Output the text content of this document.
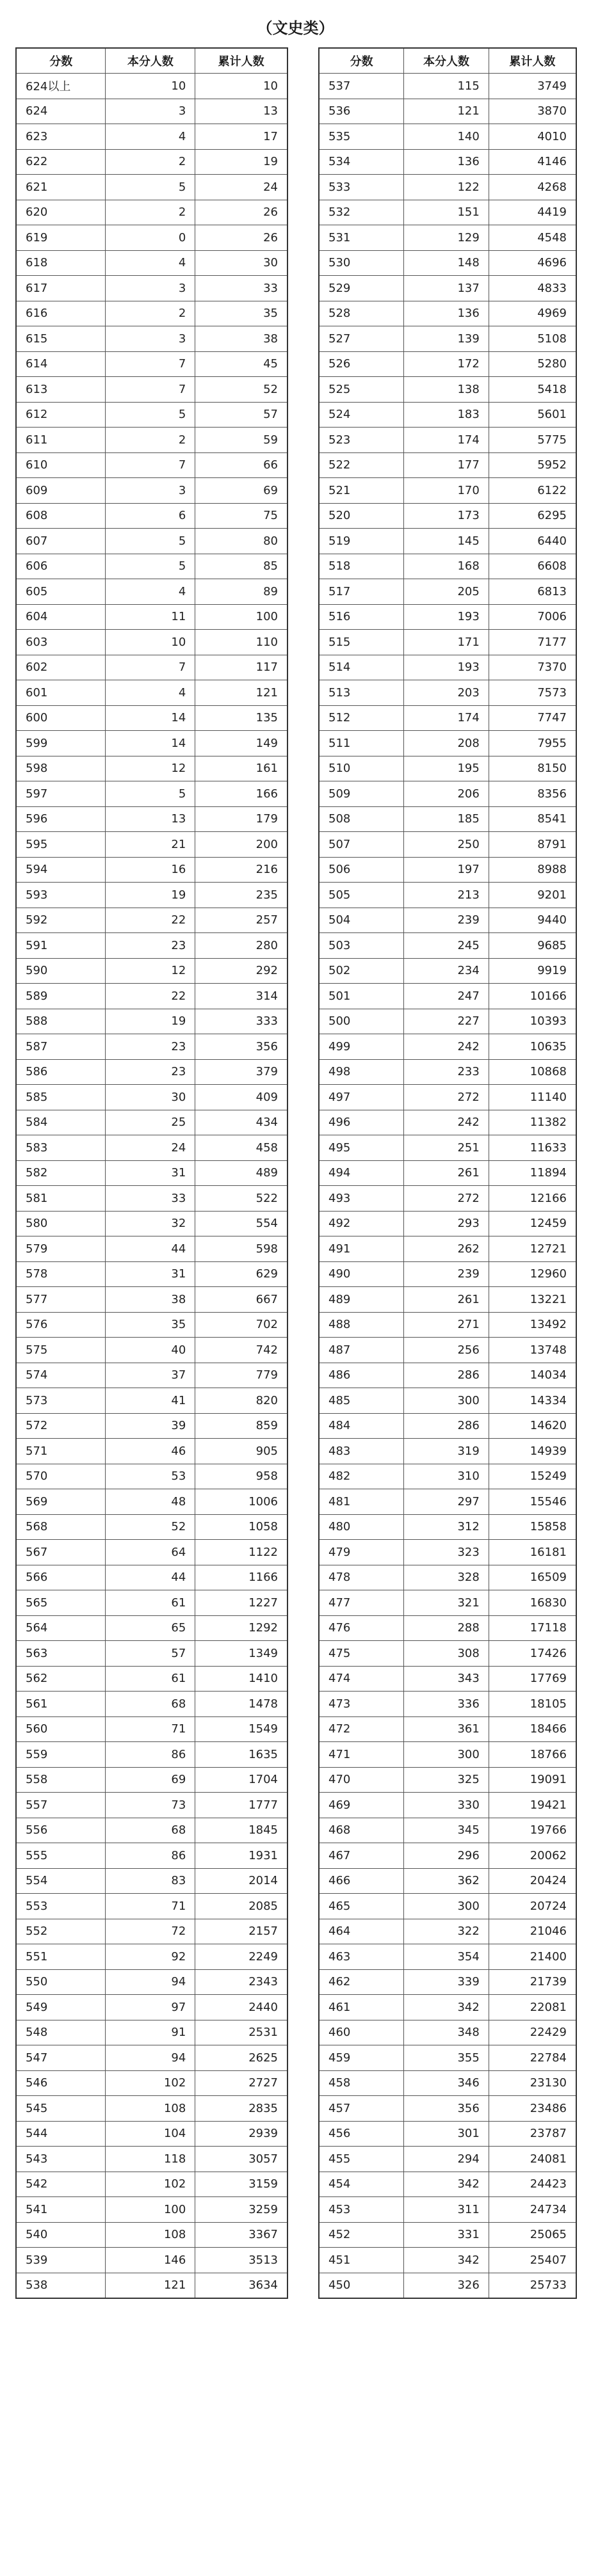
（文史类）
分数	本分人数	累计人数
624以上	10	10
624	3	13
623	4	17
622	2	19
621	5	24
620	2	26
619	0	26
618	4	30
617	3	33
616	2	35
615	3	38
614	7	45
613	7	52
612	5	57
611	2	59
610	7	66
609	3	69
608	6	75
607	5	80
606	5	85
605	4	89
604	11	100
603	10	110
602	7	117
601	4	121
600	14	135
599	14	149
598	12	161
597	5	166
596	13	179
595	21	200
594	16	216
593	19	235
592	22	257
591	23	280
590	12	292
589	22	314
588	19	333
587	23	356
586	23	379
585	30	409
584	25	434
583	24	458
582	31	489
581	33	522
580	32	554
579	44	598
578	31	629
577	38	667
576	35	702
575	40	742
574	37	779
573	41	820
572	39	859
571	46	905
570	53	958
569	48	1006
568	52	1058
567	64	1122
566	44	1166
565	61	1227
564	65	1292
563	57	1349
562	61	1410
561	68	1478
560	71	1549
559	86	1635
558	69	1704
557	73	1777
556	68	1845
555	86	1931
554	83	2014
553	71	2085
552	72	2157
551	92	2249
550	94	2343
549	97	2440
548	91	2531
547	94	2625
546	102	2727
545	108	2835
544	104	2939
543	118	3057
542	102	3159
541	100	3259
540	108	3367
539	146	3513
538	121	3634
分数	本分人数	累计人数
537	115	3749
536	121	3870
535	140	4010
534	136	4146
533	122	4268
532	151	4419
531	129	4548
530	148	4696
529	137	4833
528	136	4969
527	139	5108
526	172	5280
525	138	5418
524	183	5601
523	174	5775
522	177	5952
521	170	6122
520	173	6295
519	145	6440
518	168	6608
517	205	6813
516	193	7006
515	171	7177
514	193	7370
513	203	7573
512	174	7747
511	208	7955
510	195	8150
509	206	8356
508	185	8541
507	250	8791
506	197	8988
505	213	9201
504	239	9440
503	245	9685
502	234	9919
501	247	10166
500	227	10393
499	242	10635
498	233	10868
497	272	11140
496	242	11382
495	251	11633
494	261	11894
493	272	12166
492	293	12459
491	262	12721
490	239	12960
489	261	13221
488	271	13492
487	256	13748
486	286	14034
485	300	14334
484	286	14620
483	319	14939
482	310	15249
481	297	15546
480	312	15858
479	323	16181
478	328	16509
477	321	16830
476	288	17118
475	308	17426
474	343	17769
473	336	18105
472	361	18466
471	300	18766
470	325	19091
469	330	19421
468	345	19766
467	296	20062
466	362	20424
465	300	20724
464	322	21046
463	354	21400
462	339	21739
461	342	22081
460	348	22429
459	355	22784
458	346	23130
457	356	23486
456	301	23787
455	294	24081
454	342	24423
453	311	24734
452	331	25065
451	342	25407
450	326	25733
